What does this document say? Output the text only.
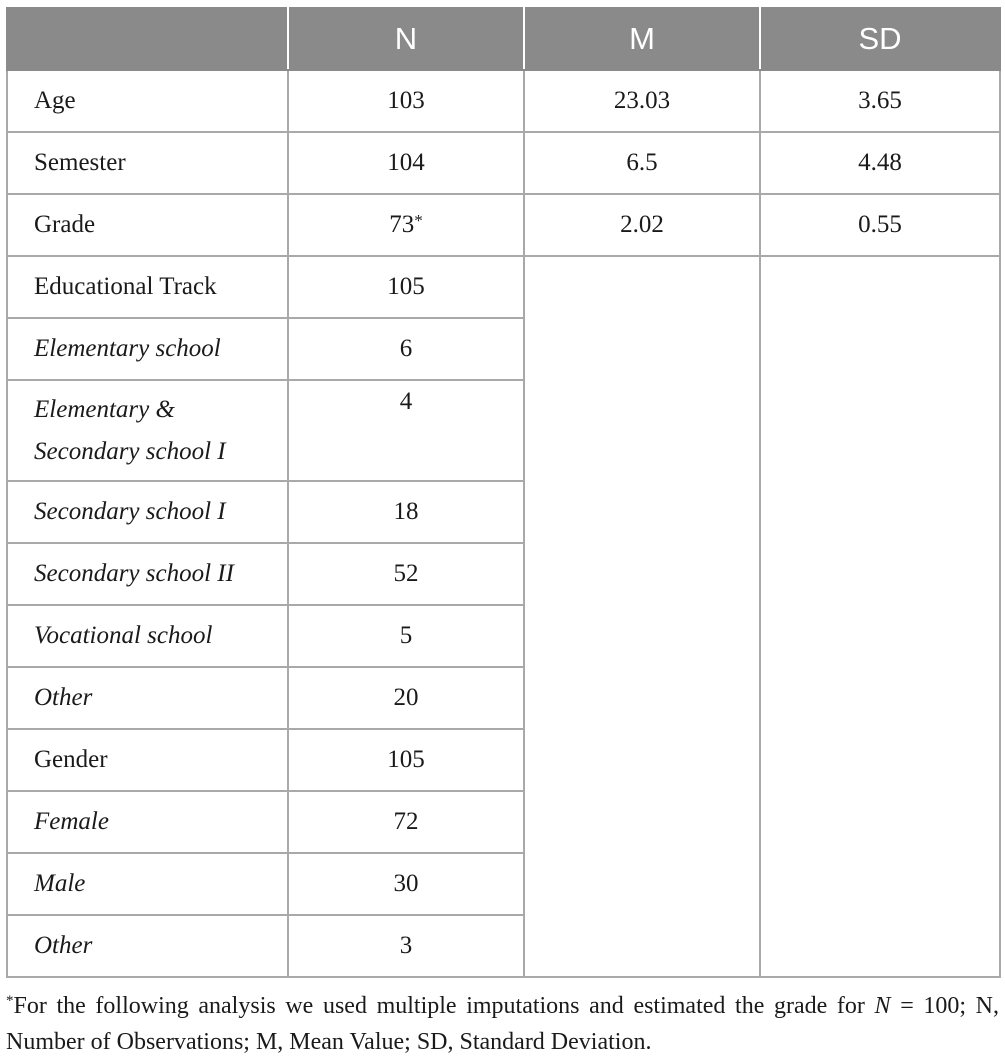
	N	M	SD
Age	103	23.03	3.65
Semester	104	6.5	4.48
Grade	73*	2.02	0.55
Educational Track	105		
Elementary school	6		
Elementary &
Secondary school I	4		
Secondary school I	18		
Secondary school II	52		
Vocational school	5		
Other	20		
Gender	105		
Female	72		
Male	30		
Other	3		

*For the following analysis we used multiple imputations and estimated the grade for N = 100; N, Number of Observations; M, Mean Value; SD, Standard Deviation.
